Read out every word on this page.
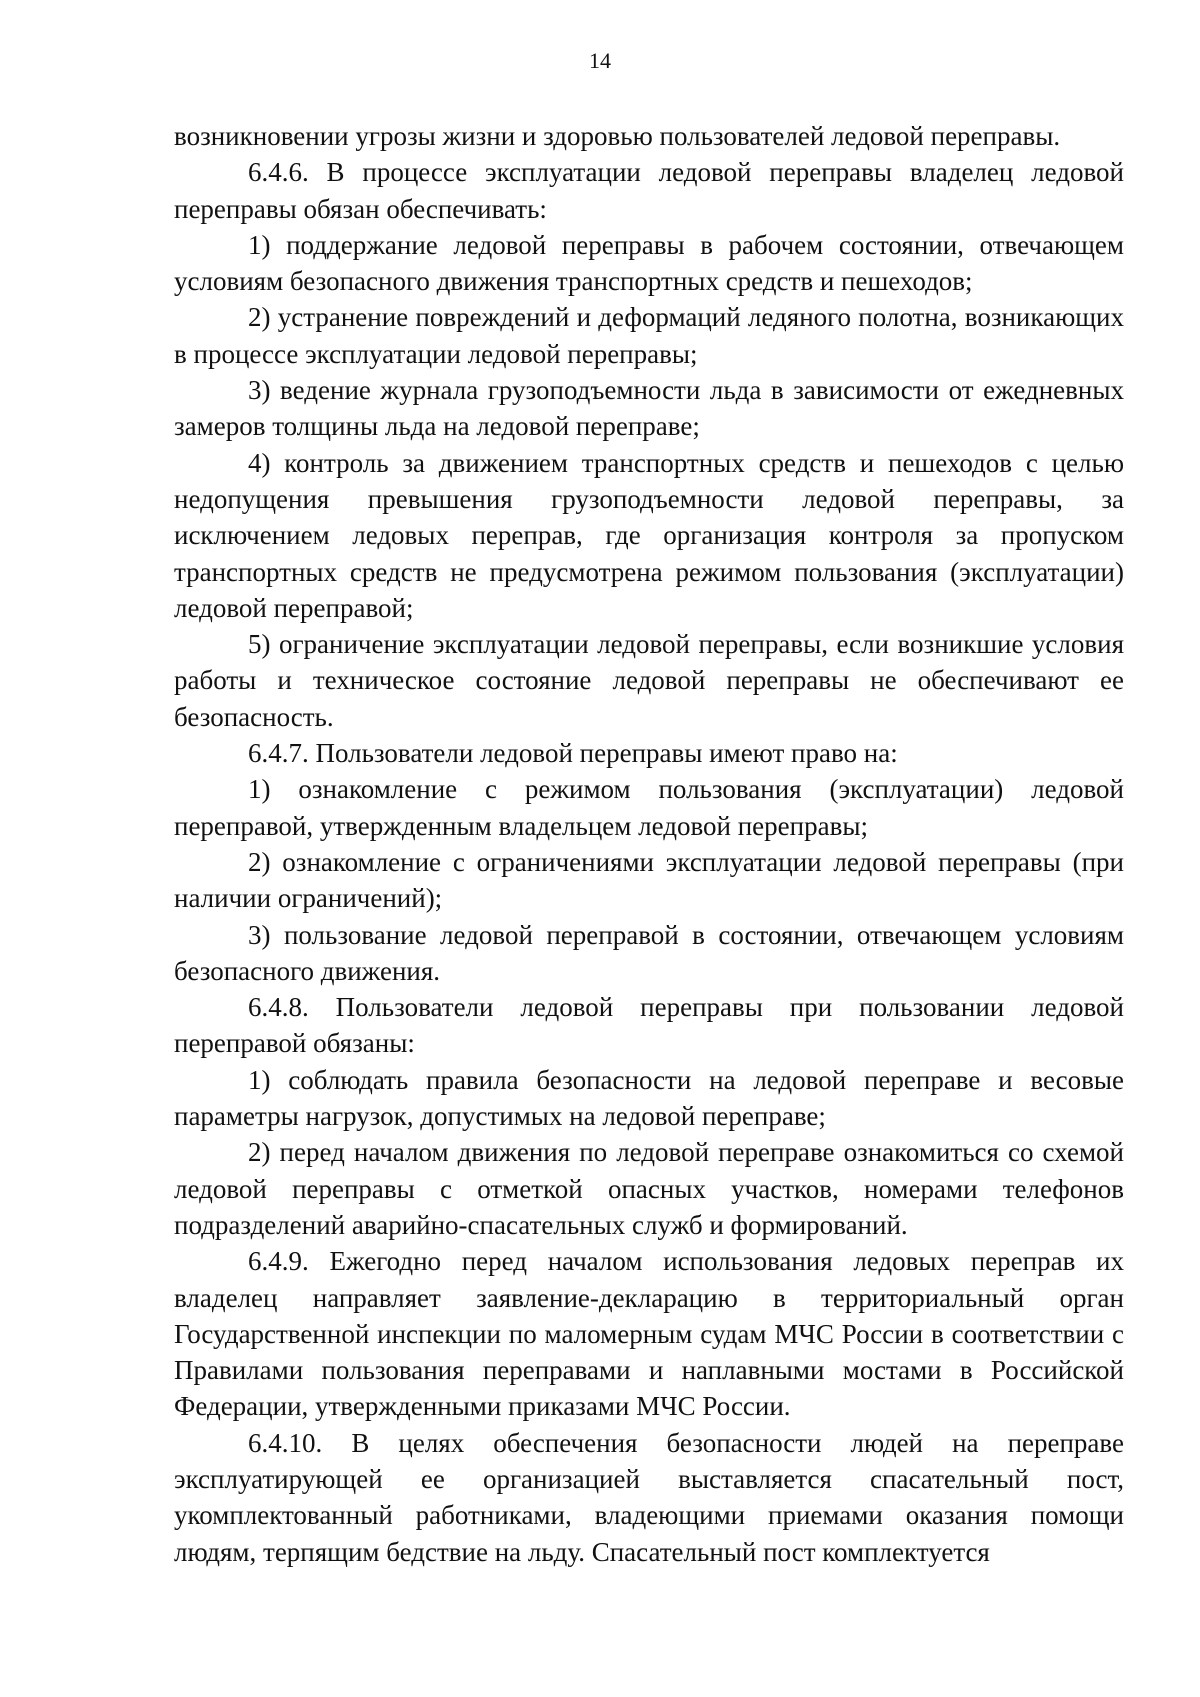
14

возникновении угрозы жизни и здоровью пользователей ледовой переправы.

6.4.6. В процессе эксплуатации ледовой переправы владелец ледовой переправы обязан обеспечивать:

1) поддержание ледовой переправы в рабочем состоянии, отвечающем условиям безопасного движения транспортных средств и пешеходов;

2) устранение повреждений и деформаций ледяного полотна, возникающих в процессе эксплуатации ледовой переправы;

3) ведение журнала грузоподъемности льда в зависимости от ежедневных замеров толщины льда на ледовой переправе;

4) контроль за движением транспортных средств и пешеходов с целью недопущения превышения грузоподъемности ледовой переправы, за исключением ледовых переправ, где организация контроля за пропуском транспортных средств не предусмотрена режимом пользования (эксплуатации) ледовой переправой;

5) ограничение эксплуатации ледовой переправы, если возникшие условия работы и техническое состояние ледовой переправы не обеспечивают ее безопасность.

6.4.7. Пользователи ледовой переправы имеют право на:

1) ознакомление с режимом пользования (эксплуатации) ледовой переправой, утвержденным владельцем ледовой переправы;

2) ознакомление с ограничениями эксплуатации ледовой переправы (при наличии ограничений);

3) пользование ледовой переправой в состоянии, отвечающем условиям безопасного движения.

6.4.8. Пользователи ледовой переправы при пользовании ледовой переправой обязаны:

1) соблюдать правила безопасности на ледовой переправе и весовые параметры нагрузок, допустимых на ледовой переправе;

2) перед началом движения по ледовой переправе ознакомиться со схемой ледовой переправы с отметкой опасных участков, номерами телефонов подразделений аварийно-спасательных служб и формирований.

6.4.9. Ежегодно перед началом использования ледовых переправ их владелец направляет заявление-декларацию в территориальный орган Государственной инспекции по маломерным судам МЧС России в соответствии с Правилами пользования переправами и наплавными мостами в Российской Федерации, утвержденными приказами МЧС России.

6.4.10. В целях обеспечения безопасности людей на переправе эксплуатирующей ее организацией выставляется спасательный пост, укомплектованный работниками, владеющими приемами оказания помощи людям, терпящим бедствие на льду. Спасательный пост комплектуется
